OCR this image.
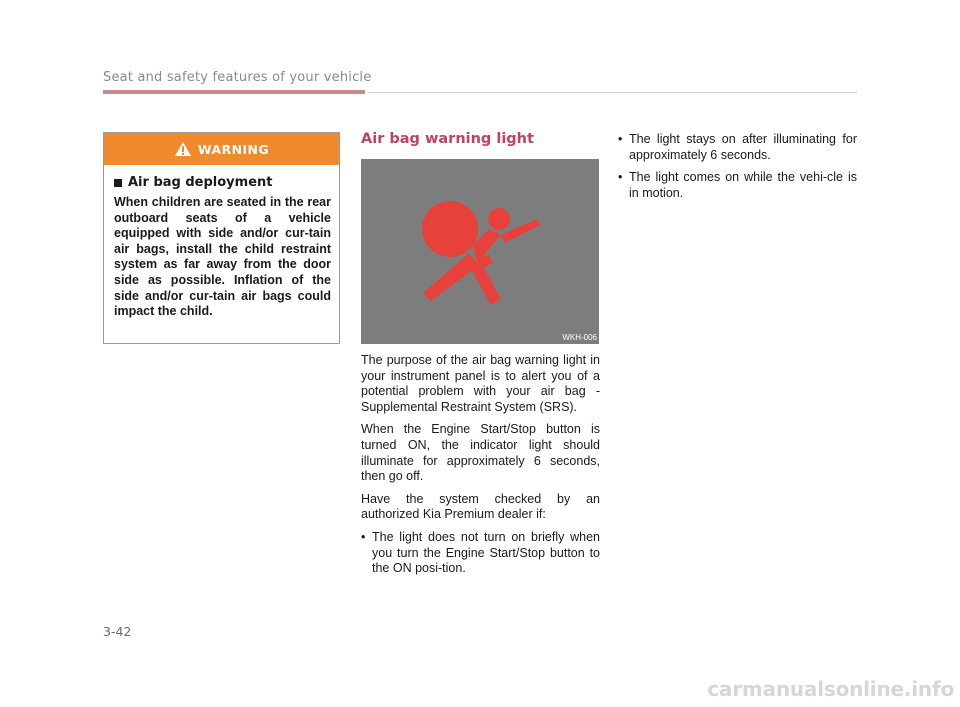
Seat and safety features of your vehicle
WARNING
Air bag deployment
When children are seated in the rear outboard seats of a vehicle equipped with side and/or cur-tain air bags, install the child restraint system as far away from the door side as possible. Inflation of the side and/or cur-tain air bags could impact the child.
Air bag warning light
WKH-006

The purpose of the air bag warning light in your instrument panel is to alert you of a potential problem with your air bag - Supplemental Restraint System (SRS).

When the Engine Start/Stop button is turned ON, the indicator light should illuminate for approximately 6 seconds, then go off.

Have the system checked by an authorized Kia Premium dealer if:

• The light does not turn on briefly when you turn the Engine Start/Stop button to the ON posi-tion.
• The light stays on after illuminating for approximately 6 seconds.
• The light comes on while the vehi-cle is in motion.
3-42
carmanualsonline.info
